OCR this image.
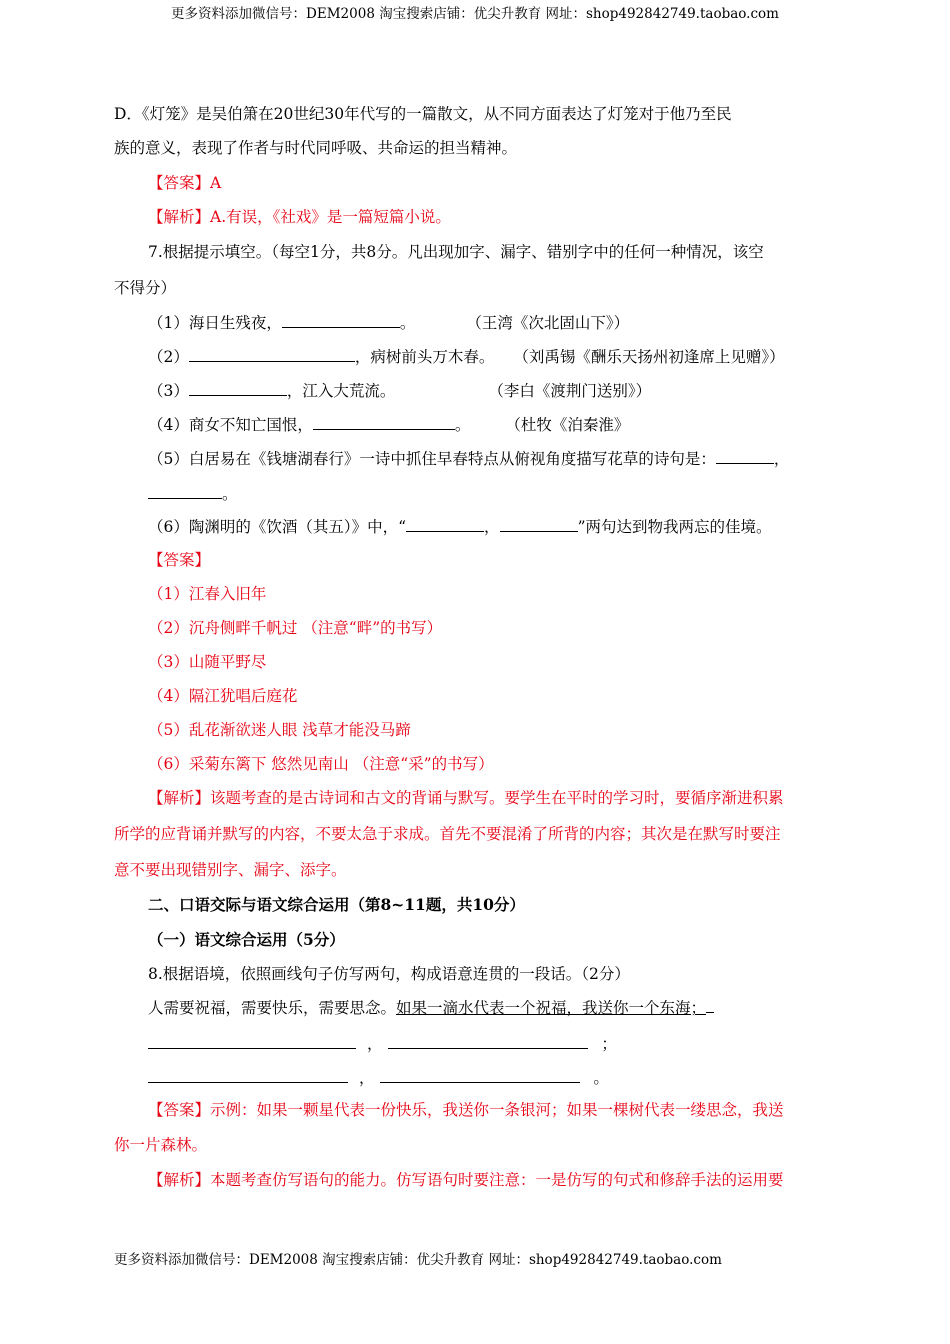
更多资料添加微信号：DEM2008 淘宝搜索店铺：优尖升教育 网址：shop492842749.taobao.com
D．《灯笼》是吴伯箫在20世纪30年代写的一篇散文，从不同方面表达了灯笼对于他乃至民
族的意义，表现了作者与时代同呼吸、共命运的担当精神。
【答案】A
【解析】A.有误，《社戏》是一篇短篇小说。
7.根据提示填空。（每空1分，共8分。凡出现加字、漏字、错别字中的任何一种情况，该空
不得分）
（1）海日生残夜，	。	（王湾《次北固山下》）
（2）	，病树前头万木春。 （刘禹锡《酬乐天扬州初逢席上见赠》）
（3）	，江入大荒流。	（李白《渡荆门送别》）
（4）商女不知亡国恨，	。 （杜牧《泊秦淮》
（5）白居易在《钱塘湖春行》一诗中抓住早春特点从俯视角度描写花草的诗句是：	，
。
（6）陶渊明的《饮酒（其五）》中，“	，	”两句达到物我两忘的佳境。
【答案】
（1）江春入旧年
（2）沉舟侧畔千帆过 （注意“畔”的书写）
（3）山随平野尽
（4）隔江犹唱后庭花
（5）乱花渐欲迷人眼 浅草才能没马蹄
（6）采菊东篱下 悠然见南山 （注意“采”的书写）
【解析】该题考查的是古诗词和古文的背诵与默写。要学生在平时的学习时，要循序渐进积累
所学的应背诵并默写的内容，不要太急于求成。首先不要混淆了所背的内容；其次是在默写时要注
意不要出现错别字、漏字、添字。
二、口语交际与语文综合运用（第8~11题，共10分）
（一）语文综合运用（5分）
8.根据语境，依照画线句子仿写两句，构成语意连贯的一段话。（2分）
人需要祝福，需要快乐，需要思念。如果一滴水代表一个祝福，我送你一个东海；
，	；
，	。
【答案】示例：如果一颗星代表一份快乐，我送你一条银河；如果一棵树代表一缕思念，我送
你一片森林。
【解析】本题考查仿写语句的能力。仿写语句时要注意：一是仿写的句式和修辞手法的运用要
更多资料添加微信号：DEM2008 淘宝搜索店铺：优尖升教育 网址：shop492842749.taobao.com
